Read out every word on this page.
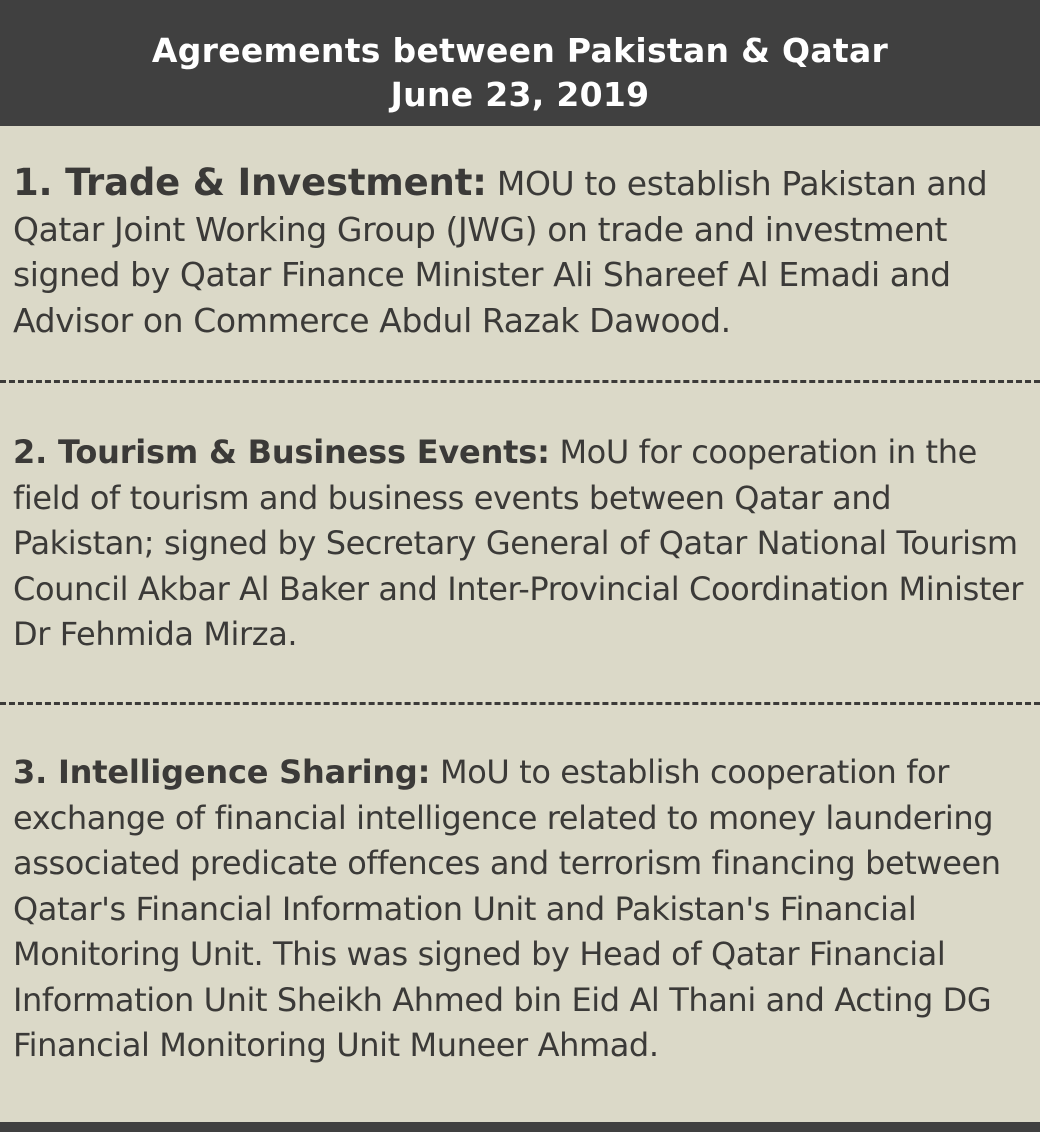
Agreements between Pakistan & Qatar
June 23, 2019
1. Trade & Investment: MOU to establish Pakistan and Qatar Joint Working Group (JWG) on trade and investment signed by Qatar Finance Minister Ali Shareef Al Emadi and Advisor on Commerce Abdul Razak Dawood.
2. Tourism & Business Events: MoU for cooperation in the field of tourism and business events between Qatar and Pakistan; signed by Secretary General of Qatar National Tourism Council Akbar Al Baker and Inter-Provincial Coordination Minister Dr Fehmida Mirza.
3. Intelligence Sharing: MoU to establish cooperation for exchange of financial intelligence related to money laundering associated predicate offences and terrorism financing between Qatar's Financial Information Unit and Pakistan's Financial Monitoring Unit. This was signed by Head of Qatar Financial Information Unit Sheikh Ahmed bin Eid Al Thani and Acting DG Financial Monitoring Unit Muneer Ahmad.
